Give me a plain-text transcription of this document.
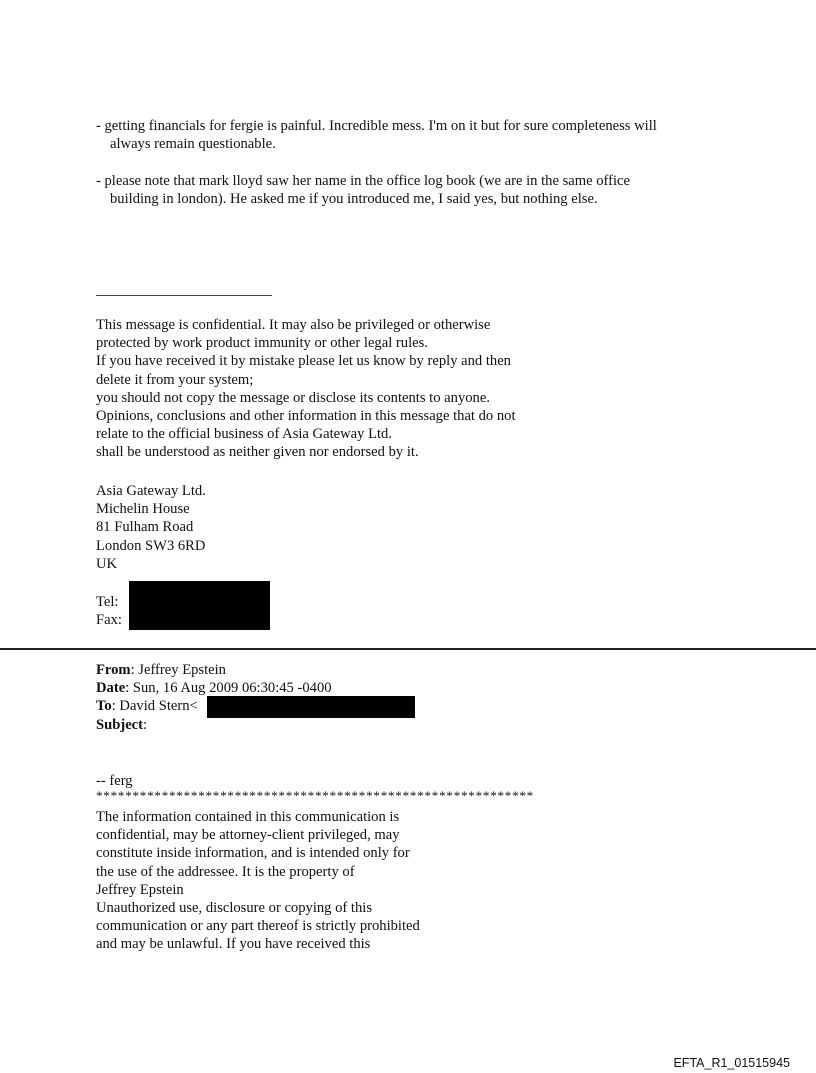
- getting financials for fergie is painful. Incredible mess. I'm on it but for sure completeness will
always remain questionable.
- please note that mark lloyd saw her name in the office log book (we are in the same office
building in london). He asked me if you introduced me, I said yes, but nothing else.
This message is confidential. It may also be privileged or otherwise
protected by work product immunity or other legal rules.
If you have received it by mistake please let us know by reply and then
delete it from your system;
you should not copy the message or disclose its contents to anyone.
Opinions, conclusions and other information in this message that do not
relate to the official business of Asia Gateway Ltd.
shall be understood as neither given nor endorsed by it.
Asia Gateway Ltd.
Michelin House
81 Fulham Road
London SW3 6RD
UK
Tel:
Fax:
From: Jeffrey Epstein
Date: Sun, 16 Aug 2009 06:30:45 -0400
To: David Stern<
Subject:
-- ferg
************************************************************
The information contained in this communication is
confidential, may be attorney-client privileged, may
constitute inside information, and is intended only for
the use of the addressee. It is the property of
Jeffrey Epstein
Unauthorized use, disclosure or copying of this
communication or any part thereof is strictly prohibited
and may be unlawful. If you have received this
EFTA_R1_01515945
